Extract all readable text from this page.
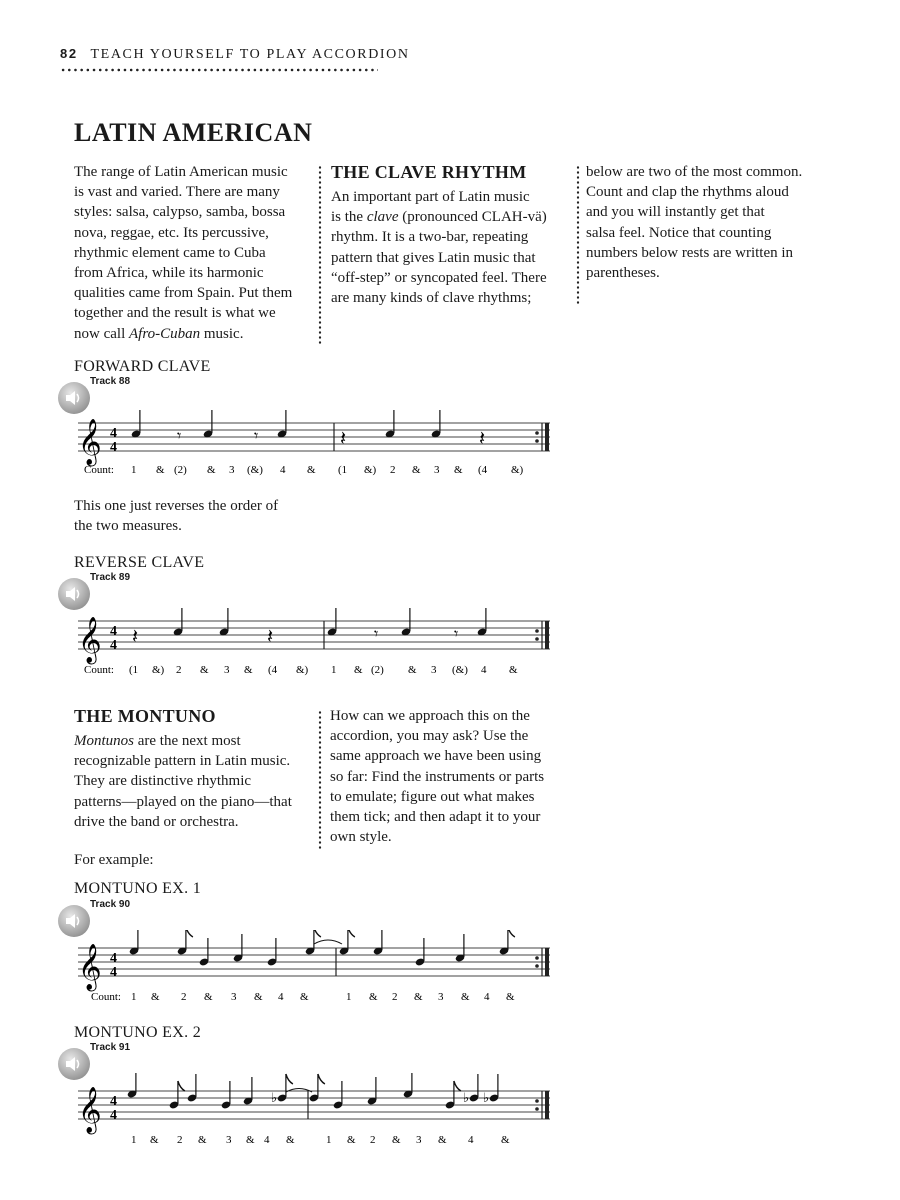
82 TEACH YOURSELF TO PLAY ACCORDION
LATIN AMERICAN

The range of Latin American music

is vast and varied. There are many

styles: salsa, calypso, samba, bossa

nova, reggae, etc. Its percussive,

rhythmic element came to Cuba

from Africa, while its harmonic

qualities came from Spain. Put them

together and the result is what we

now call Afro-Cuban music.

THE CLAVE RHYTHM

An important part of Latin music

is the clave (pronounced CLAH-vä)

rhythm. It is a two-bar, repeating

pattern that gives Latin music that

“off-step” or syncopated feel. There

are many kinds of clave rhythms;

below are two of the most common.

Count and clap the rhythms aloud

and you will instantly get that

salsa feel. Notice that counting

numbers below rests are written in

parentheses.

FORWARD CLAVE
Track 88
𝄞 4
4
𝄾	𝄾	𝄽	𝄽
Count: 1 & (2) & 3 (&) 4 & (1 &) 2 & 3 & (4 &)

This one just reverses the order of

the two measures.

REVERSE CLAVE
Track 89
𝄞 4
4 𝄽	𝄽	𝄾	𝄾
Count: (1 &) 2 & 3 & (4 &) 1 & (2) & 3 (&) 4 &
THE MONTUNO

Montunos are the next most

recognizable pattern in Latin music.

They are distinctive rhythmic

patterns—played on the piano—that

drive the band or orchestra.

How can we approach this on the

accordion, you may ask? Use the

same approach we have been using

so far: Find the instruments or parts

to emulate; figure out what makes

them tick; and then adapt it to your

own style.

For example:
MONTUNO EX. 1
Track 90
𝄞 4
4
Count: 1 & 2 & 3 & 4 &	1 & 2 & 3 & 4 &
MONTUNO EX. 2
Track 91
𝄞 4
4
♭	♭ ♭
1 & 2 & 3 & 4 &	1 & 2 & 3 & 4	&
